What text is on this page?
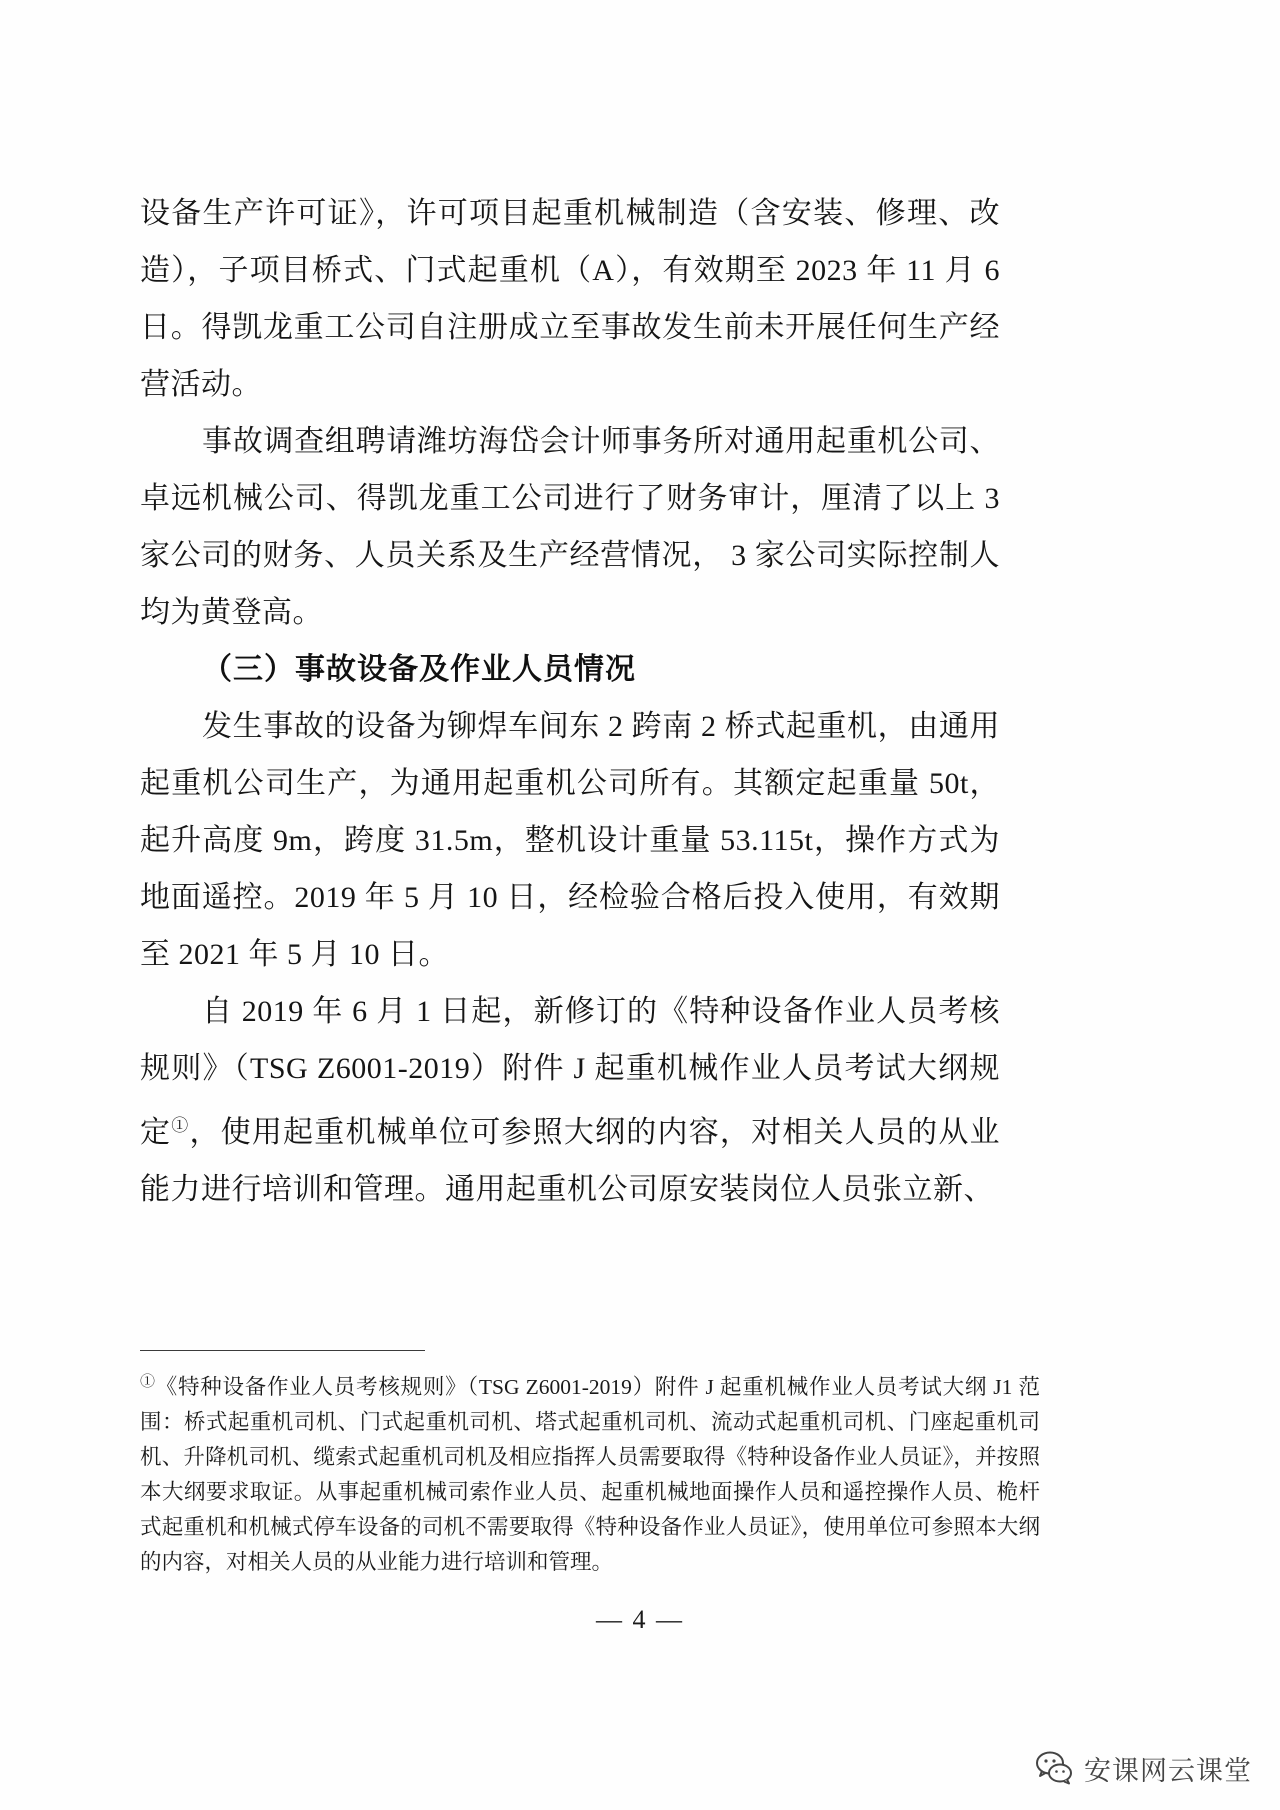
设备生产许可证》，许可项目起重机械制造（含安装、修理、改造），子项目桥式、门式起重机（A），有效期至 2023 年 11 月 6 日。得凯龙重工公司自注册成立至事故发生前未开展任何生产经营活动。

事故调查组聘请潍坊海岱会计师事务所对通用起重机公司、卓远机械公司、得凯龙重工公司进行了财务审计，厘清了以上 3 家公司的财务、人员关系及生产经营情况， 3 家公司实际控制人均为黄登高。

（三）事故设备及作业人员情况

发生事故的设备为铆焊车间东 2 跨南 2 桥式起重机，由通用起重机公司生产，为通用起重机公司所有。其额定起重量 50t，起升高度 9m，跨度 31.5m，整机设计重量 53.115t，操作方式为地面遥控。2019 年 5 月 10 日，经检验合格后投入使用，有效期至 2021 年 5 月 10 日。

自 2019 年 6 月 1 日起，新修订的《特种设备作业人员考核规则》（TSG Z6001-2019）附件 J 起重机械作业人员考试大纲规定①，使用起重机械单位可参照大纲的内容，对相关人员的从业能力进行培训和管理。通用起重机公司原安装岗位人员张立新、

①《特种设备作业人员考核规则》（TSG Z6001-2019）附件 J 起重机械作业人员考试大纲 J1 范围：桥式起重机司机、门式起重机司机、塔式起重机司机、流动式起重机司机、门座起重机司机、升降机司机、缆索式起重机司机及相应指挥人员需要取得《特种设备作业人员证》，并按照本大纲要求取证。从事起重机械司索作业人员、起重机械地面操作人员和遥控操作人员、桅杆式起重机和机械式停车设备的司机不需要取得《特种设备作业人员证》，使用单位可参照本大纲的内容，对相关人员的从业能力进行培训和管理。
— 4 —
安课网云课堂
